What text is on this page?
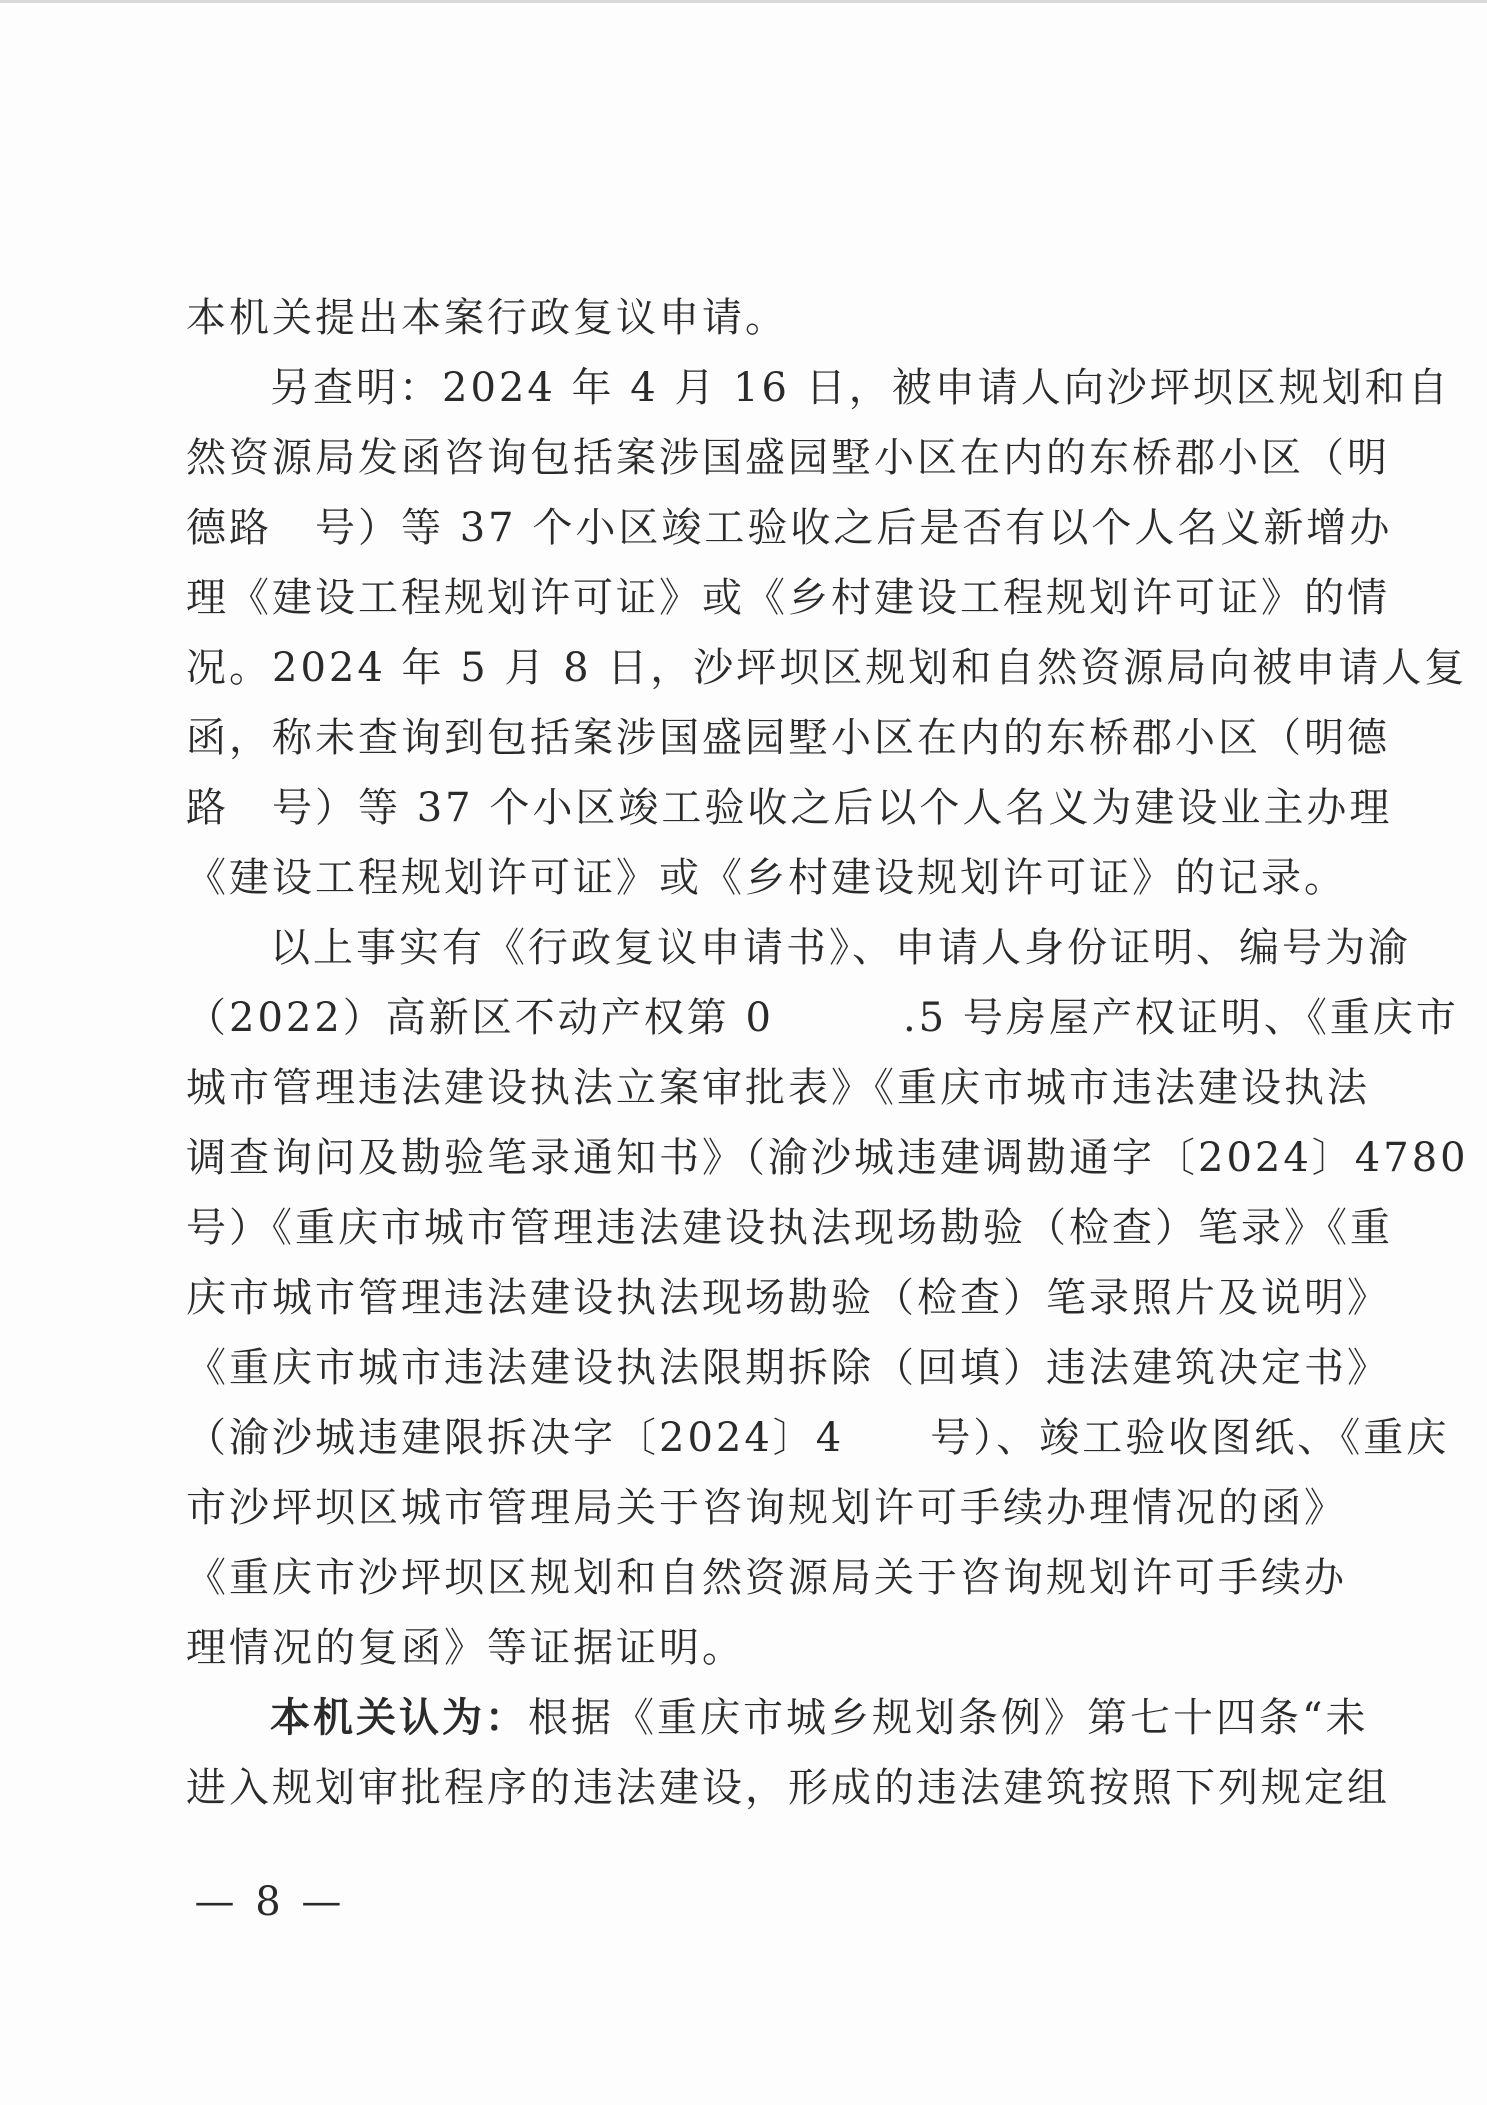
本机关提出本案行政复议申请。
另查明：2024 年 4 月 16 日，被申请人向沙坪坝区规划和自
然资源局发函咨询包括案涉国盛园墅小区在内的东桥郡小区（明
德路　号）等 37 个小区竣工验收之后是否有以个人名义新增办
理《建设工程规划许可证》或《乡村建设工程规划许可证》的情
况。2024 年 5 月 8 日，沙坪坝区规划和自然资源局向被申请人复
函，称未查询到包括案涉国盛园墅小区在内的东桥郡小区（明德
路　号）等 37 个小区竣工验收之后以个人名义为建设业主办理
《建设工程规划许可证》或《乡村建设规划许可证》的记录。
以上事实有《行政复议申请书》、申请人身份证明、编号为渝
（2022）高新区不动产权第 0　　　.5 号房屋产权证明、《重庆市
城市管理违法建设执法立案审批表》《重庆市城市违法建设执法
调查询问及勘验笔录通知书》（渝沙城违建调勘通字〔2024〕4780
号）《重庆市城市管理违法建设执法现场勘验（检查）笔录》《重
庆市城市管理违法建设执法现场勘验（检查）笔录照片及说明》
《重庆市城市违法建设执法限期拆除（回填）违法建筑决定书》
（渝沙城违建限拆决字〔2024〕4　　号）、竣工验收图纸、《重庆
市沙坪坝区城市管理局关于咨询规划许可手续办理情况的函》
《重庆市沙坪坝区规划和自然资源局关于咨询规划许可手续办
理情况的复函》等证据证明。
本机关认为：根据《重庆市城乡规划条例》第七十四条“未
进入规划审批程序的违法建设，形成的违法建筑按照下列规定组
— 8 —
